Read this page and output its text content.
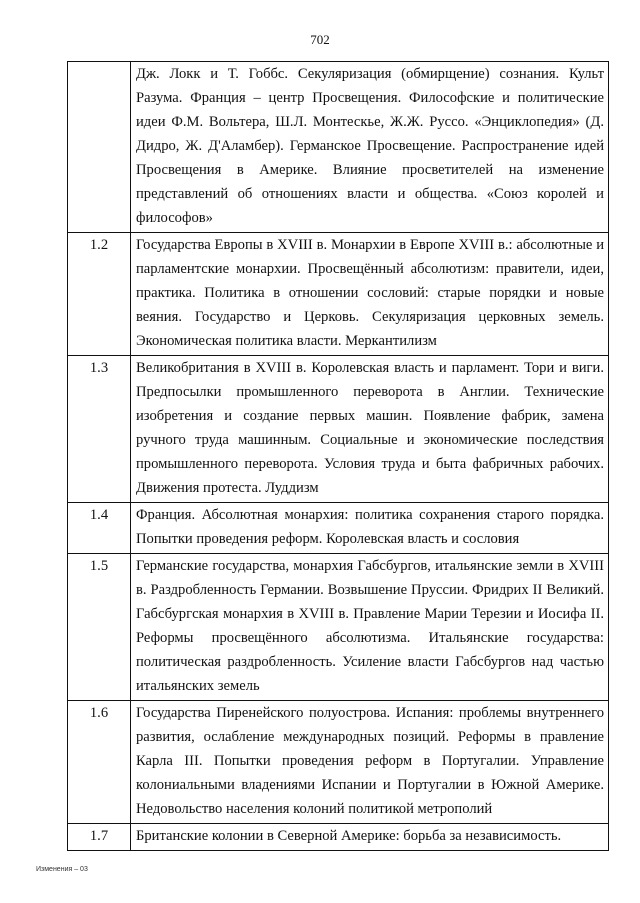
702
	Дж. Локк и Т. Гоббс. Секуляризация (обмирщение) сознания. Культ Разума. Франция – центр Просвещения. Философские и политические идеи Ф.М. Вольтера, Ш.Л. Монтескье, Ж.Ж. Руссо. «Энциклопедия» (Д. Дидро, Ж. Д'Аламбер). Германское Просвещение. Распространение идей Просвещения в Америке. Влияние просветителей на изменение представлений об отношениях власти и общества. «Союз королей и философов»
1.2	Государства Европы в XVIII в. Монархии в Европе XVIII в.: абсолютные и парламентские монархии. Просвещённый абсолютизм: правители, идеи, практика. Политика в отношении сословий: старые порядки и новые веяния. Государство и Церковь. Секуляризация церковных земель. Экономическая политика власти. Меркантилизм
1.3	Великобритания в XVIII в. Королевская власть и парламент. Тори и виги. Предпосылки промышленного переворота в Англии. Технические изобретения и создание первых машин. Появление фабрик, замена ручного труда машинным. Социальные и экономические последствия промышленного переворота. Условия труда и быта фабричных рабочих. Движения протеста. Луддизм
1.4	Франция. Абсолютная монархия: политика сохранения старого порядка. Попытки проведения реформ. Королевская власть и сословия
1.5	Германские государства, монархия Габсбургов, итальянские земли в XVIII в. Раздробленность Германии. Возвышение Пруссии. Фридрих II Великий. Габсбургская монархия в XVIII в. Правление Марии Терезии и Иосифа II. Реформы просвещённого абсолютизма. Итальянские государства: политическая раздробленность. Усиление власти Габсбургов над частью итальянских земель
1.6	Государства Пиренейского полуострова. Испания: проблемы внутреннего развития, ослабление международных позиций. Реформы в правление Карла III. Попытки проведения реформ в Португалии. Управление колониальными владениями Испании и Португалии в Южной Америке. Недовольство населения колоний политикой метрополий
1.7	Британские колонии в Северной Америке: борьба за независимость.
Изменения – 03
